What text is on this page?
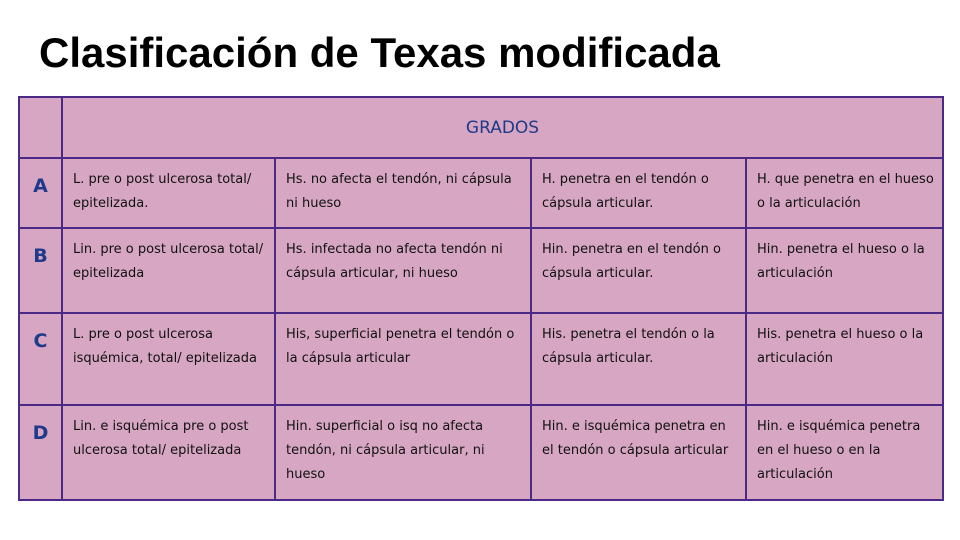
Clasificación de Texas modificada
	GRADOS			
A	L. pre o post ulcerosa total/ epitelizada.	Hs. no afecta el tendón, ni cápsula ni hueso	H. penetra en el tendón o cápsula articular.	H. que penetra en el hueso o la articulación
B	Lin. pre o post ulcerosa total/ epitelizada	Hs. infectada no afecta tendón ni cápsula articular, ni hueso	Hin. penetra en el tendón o cápsula articular.	Hin. penetra el hueso o la articulación
C	L. pre o post ulcerosa isquémica, total/ epitelizada	His, superficial penetra el tendón o la cápsula articular	His. penetra el tendón o la cápsula articular.	His. penetra el hueso o la articulación
D	Lin. e isquémica pre o post ulcerosa total/ epitelizada	Hin. superficial o isq no afecta tendón, ni cápsula articular, ni hueso	Hin. e isquémica penetra en el tendón o cápsula articular	Hin. e isquémica penetra en el hueso o en la articulación
